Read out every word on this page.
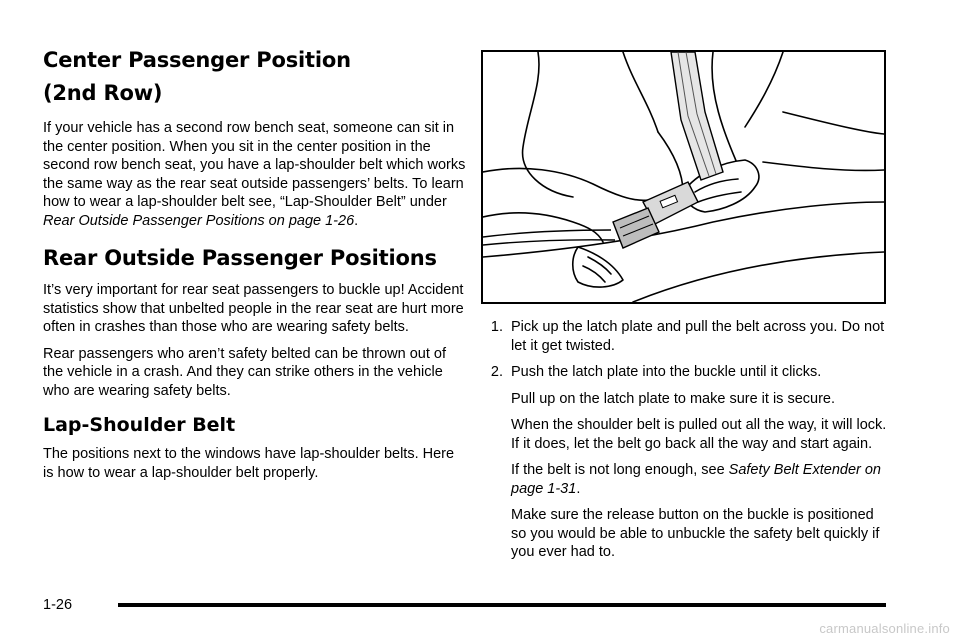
Center Passenger Position
(2nd Row)

If your vehicle has a second row bench seat, someone can sit in the center position. When you sit in the center position in the second row bench seat, you have a lap-shoulder belt which works the same way as the rear seat outside passengers’ belts. To learn how to wear a lap-shoulder belt see, “Lap-Shoulder Belt” under Rear Outside Passenger Positions on page 1-26.

Rear Outside Passenger Positions

It’s very important for rear seat passengers to buckle up! Accident statistics show that unbelted people in the rear seat are hurt more often in crashes than those who are wearing safety belts.

Rear passengers who aren’t safety belted can be thrown out of the vehicle in a crash. And they can strike others in the vehicle who are wearing safety belts.

Lap-Shoulder Belt

The positions next to the windows have lap-shoulder belts. Here is how to wear a lap-shoulder belt properly.

1. Pick up the latch plate and pull the belt across you. Do not let it get twisted.
2. Push the latch plate into the buckle until it clicks.
Pull up on the latch plate to make sure it is secure.
When the shoulder belt is pulled out all the way, it will lock. If it does, let the belt go back all the way and start again.
If the belt is not long enough, see Safety Belt Extender on page 1-31.
Make sure the release button on the buckle is positioned so you would be able to unbuckle the safety belt quickly if you ever had to.
1-26
carmanualsonline.info
